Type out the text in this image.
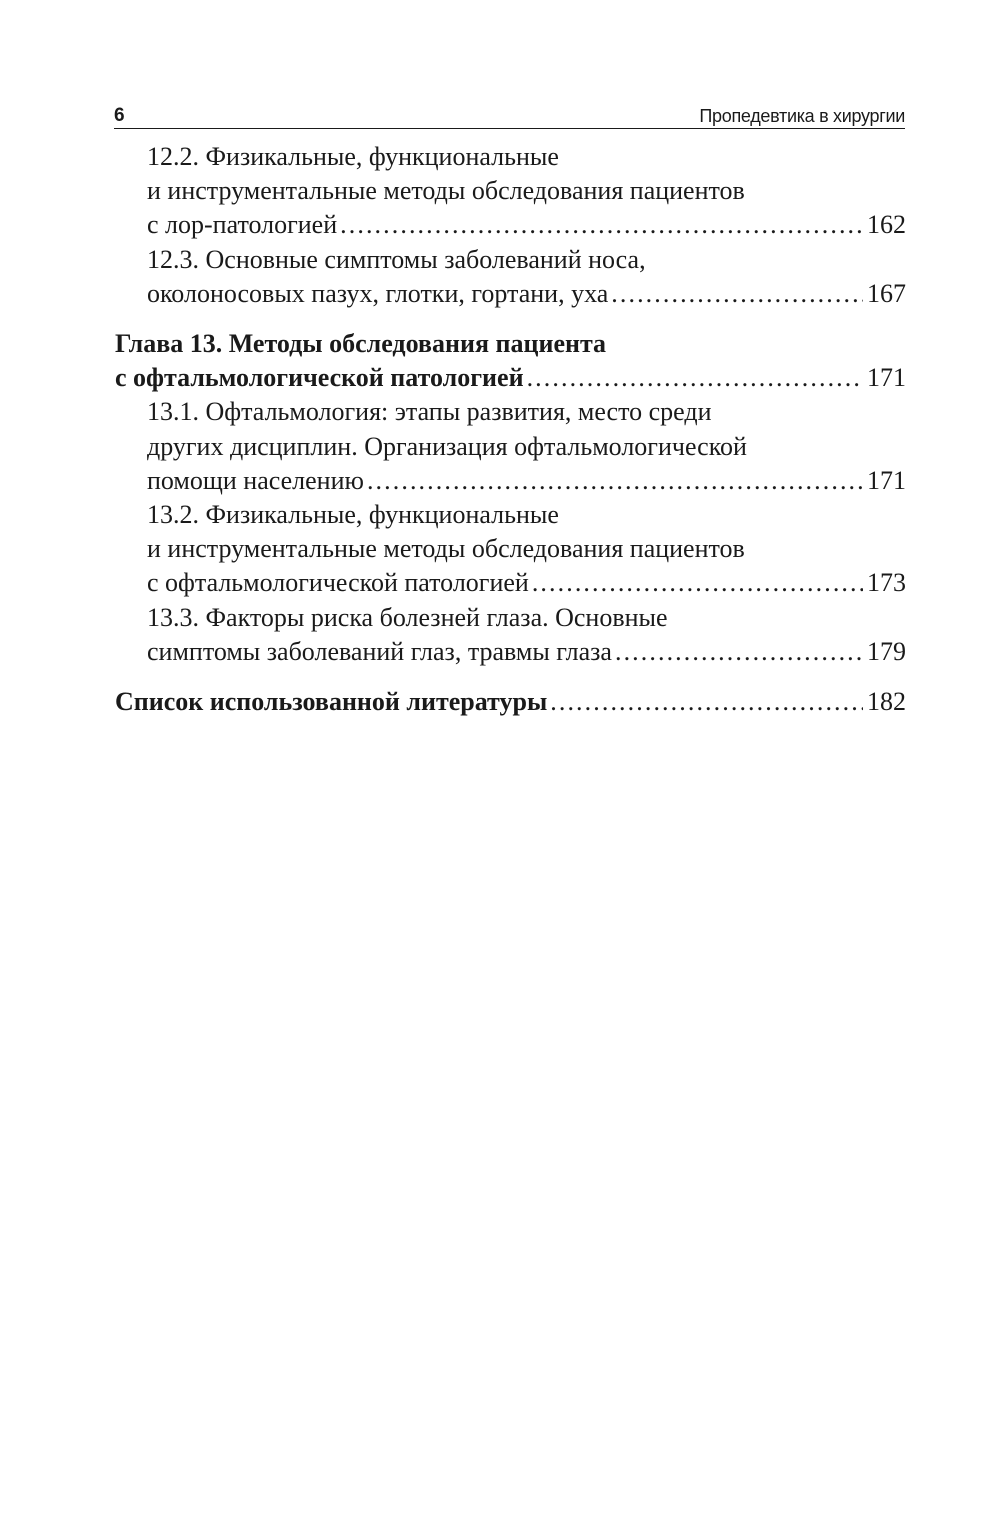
6	Пропедевтика в хирургии
12.2. Физикальные, функциональные
и инструментальные методы обследования пациентов
с лор-патологией . . .	162
12.3. Основные симптомы заболеваний носа,
околоносовых пазух, глотки, гортани, уха . . .	167
Глава 13. Методы обследования пациента
с офтальмологической патологией . . .	171
13.1. Офтальмология: этапы развития, место среди
других дисциплин. Организация офтальмологической
помощи населению . . .	171
13.2. Физикальные, функциональные
и инструментальные методы обследования пациентов
с офтальмологической патологией . . .	173
13.3. Факторы риска болезней глаза. Основные
симптомы заболеваний глаз, травмы глаза . . .	179
Список использованной литературы . . .	182
